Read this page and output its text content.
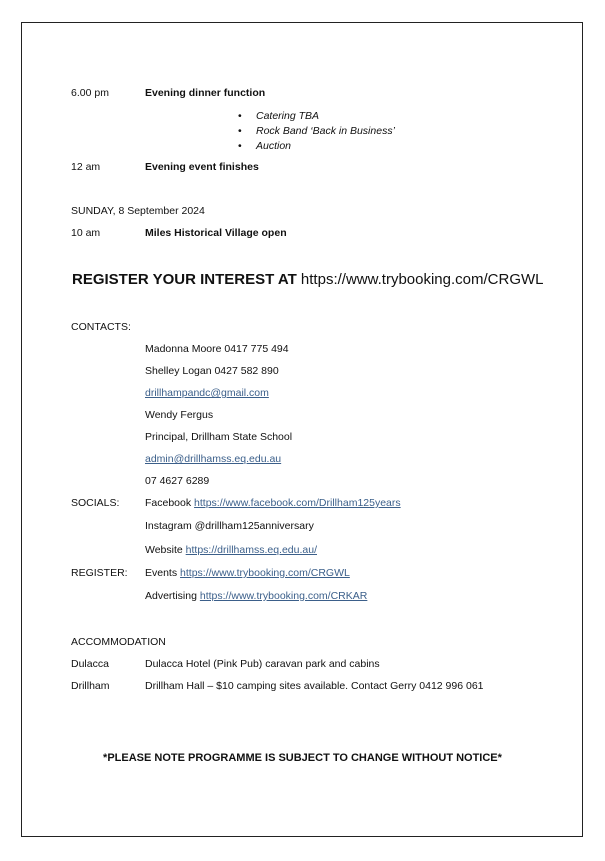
6.00 pm	Evening dinner function
• Catering TBA
• Rock Band ‘Back in Business’
• Auction
12 am	Evening event finishes
SUNDAY, 8 September 2024
10 am	Miles Historical Village open
REGISTER YOUR INTEREST AT https://www.trybooking.com/CRGWL
CONTACTS:
Madonna Moore 0417 775 494
Shelley Logan 0427 582 890
drillhampandc@gmail.com
Wendy Fergus
Principal, Drillham State School
admin@drillhamss.eq.edu.au
07 4627 6289
SOCIALS: Facebook https://www.facebook.com/Drillham125years
Instagram @drillham125anniversary
Website https://drillhamss.eq.edu.au/
REGISTER: Events https://www.trybooking.com/CRGWL
Advertising https://www.trybooking.com/CRKAR
ACCOMMODATION
Dulacca	Dulacca Hotel (Pink Pub) caravan park and cabins
Drillham	Drillham Hall – $10 camping sites available. Contact Gerry 0412 996 061
*PLEASE NOTE PROGRAMME IS SUBJECT TO CHANGE WITHOUT NOTICE*
